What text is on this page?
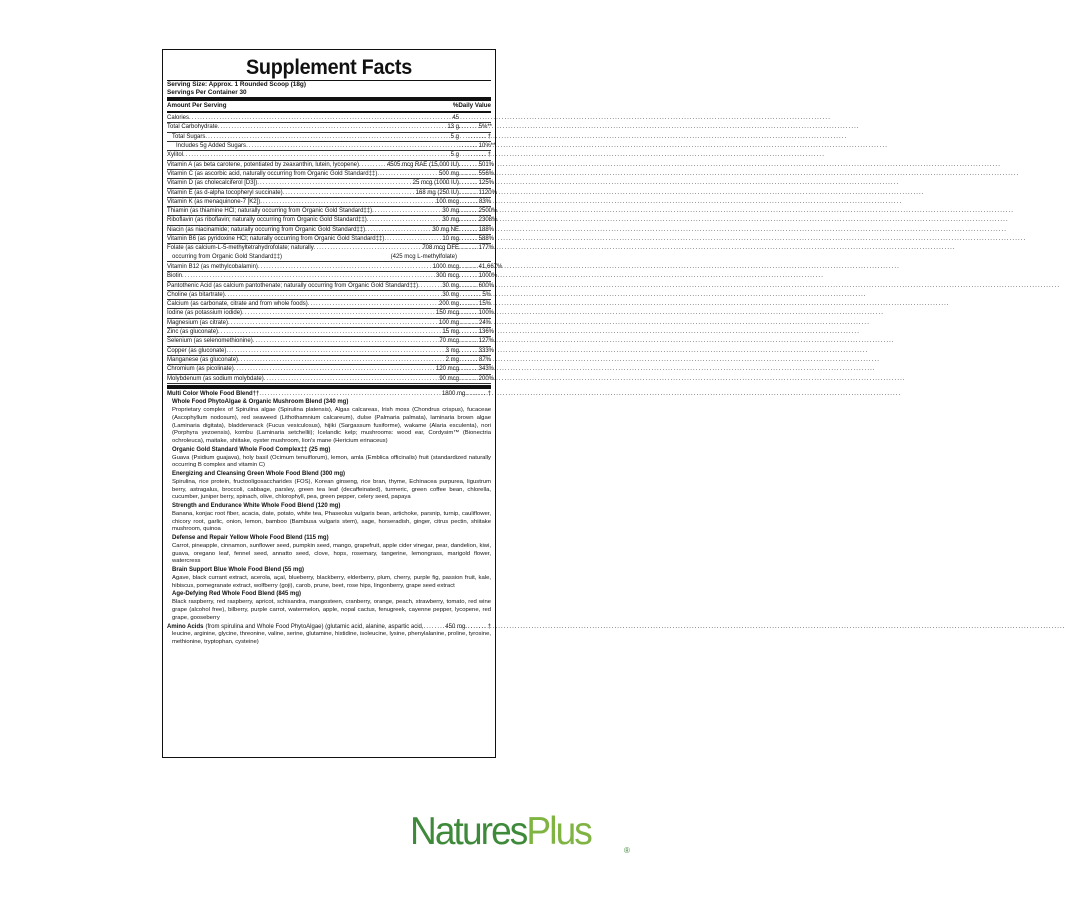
Supplement Facts
Serving Size: Approx. 1 Rounded Scoop (18g)
Servings Per Container 30
Amount Per Serving	%Daily Value
Calories .....	45
Total Carbohydrate .....	13 g	....... 5%**
Total Sugars .....	5 g	....... †
Includes 5g Added Sugars .....	....... 10%**
Xylitol .....	5 g	....... †
Vitamin A (as beta carotene, potentiated by zeaxanthin, lutein, lycopene) .....	4505 mcg RAE (15,000 IU)	....... 501%
Vitamin C (as ascorbic acid, naturally occurring from Organic Gold Standard‡‡) .....	500 mg	....... 556%
Vitamin D (as cholecalciferol [D3]) .....	25 mcg (1000 IU)	....... 125%
Vitamin E (as d-alpha tocopheryl succinate) .....	168 mg (250 IU)	....... 1120%
Vitamin K (as menaquinone-7 [K2]) .....	100 mcg	....... 83%
Thiamin (as thiamine HCl; naturally occurring from Organic Gold Standard‡‡) .....	30 mg	....... 2500%
Riboflavin (as riboflavin; naturally occurring from Organic Gold Standard‡‡) .....	30 mg	....... 2308%
Niacin (as niacinamide; naturally occurring from Organic Gold Standard‡‡) .....	30 mg NE	....... 188%
Vitamin B6 (as pyridoxine HCl; naturally occurring from Organic Gold Standard‡‡) .....	10 mg	....... 588%
Folate (as calcium-L-5-methyltetrahydrofolate; naturally .....	708 mcg DFE	....... 177%
occurring from Organic Gold Standard‡‡)	(425 mcg L-methylfolate)
Vitamin B12 (as methylcobalamin) .....	1000 mcg	....... 41,667%
Biotin .....	300 mcg	....... 1000%
Pantothenic Acid (as calcium pantothenate; naturally occurring from Organic Gold Standard‡‡) .....	30 mg	....... 600%
Choline (as bitartrate) .....	30 mg	....... 5%
Calcium (as carbonate, citrate and from whole foods) .....	200 mg	....... 15%
Iodine (as potassium iodide) .....	150 mcg	....... 100%
Magnesium (as citrate) .....	100 mg	....... 24%
Zinc (as gluconate) .....	15 mg	....... 136%
Selenium (as selenomethionine) .....	70 mcg	....... 127%
Copper (as gluconate) .....	3 mg	....... 333%
Manganese (as gluconate) .....	2 mg	....... 87%
Chromium (as picolinate) .....	120 mcg	....... 343%
Molybdenum (as sodium molybdate) .....	90 mcg	....... 200%
Multi Color Whole Food Blend†† .....	1800 mg	........ †
Whole Food PhytoAlgae & Organic Mushroom Blend (340 mg)
Proprietary complex of Spirulina algae (Spirulina platensis), Algas calcareas, Irish moss (Chondrus crispus), fucaceae (Ascophyllum nodosum), red seaweed (Lithothamnium calcareum), dulse (Palmaria palmata), laminaria brown algae (Laminaria digitata), bladderwrack (Fucus vesiculosus), hijiki (Sargassum fusiforme), wakame (Alaria esculenta), nori (Porphyra yezoensis), kombu (Laminaria setchellii); Icelandic kelp; mushrooms: wood ear, Cordysim™ (Bionectria ochroleuca), maitake, shiitake, oyster mushroom, lion's mane (Hericium erinaceus)
Organic Gold Standard Whole Food Complex‡‡ (25 mg)
Guava (Psidium guajava), holy basil (Ocimum tenuiflorum), lemon, amla (Emblica officinalis) fruit (standardized naturally occurring B complex and vitamin C)
Energizing and Cleansing Green Whole Food Blend (300 mg)
Spirulina, rice protein, fructooligosaccharides (FOS), Korean ginseng, rice bran, thyme, Echinacea purpurea, ligustrum berry, astragalus, broccoli, cabbage, parsley, green tea leaf (decaffeinated), turmeric, green coffee bean, chlorella, cucumber, juniper berry, spinach, olive, chlorophyll, pea, green pepper, celery seed, papaya
Strength and Endurance White Whole Food Blend (120 mg)
Banana, konjac root fiber, acacia, date, potato, white tea, Phaseolus vulgaris bean, artichoke, parsnip, turnip, cauliflower, chicory root, garlic, onion, lemon, bamboo (Bambusa vulgaris stem), sage, horseradish, ginger, citrus pectin, shiitake mushroom, quinoa
Defense and Repair Yellow Whole Food Blend (115 mg)
Carrot, pineapple, cinnamon, sunflower seed, pumpkin seed, mango, grapefruit, apple cider vinegar, pear, dandelion, kiwi, guava, oregano leaf, fennel seed, annatto seed, clove, hops, rosemary, tangerine, lemongrass, marigold flower, watercress
Brain Support Blue Whole Food Blend (55 mg)
Agave, black currant extract, acerola, açaí, blueberry, blackberry, elderberry, plum, cherry, purple fig, passion fruit, kale, hibiscus, pomegranate extract, wolfberry (goji), carob, prune, beet, rose hips, lingonberry, grape seed extract
Age-Defying Red Whole Food Blend (845 mg)
Black raspberry, red raspberry, apricot, schisandra, mangosteen, cranberry, orange, peach, strawberry, tomato, red wine grape (alcohol free), bilberry, purple carrot, watermelon, apple, nopal cactus, fenugreek, cayenne pepper, lycopene, red grape, gooseberry
Amino Acids (from spirulina and Whole Food PhytoAlgae) (glutamic acid, alanine, aspartic acid, .....	450 mg	........ †
leucine, arginine, glycine, threonine, valine, serine, glutamine, histidine, isoleucine, lysine, phenylalanine, proline, tyrosine, methionine, tryptophan, cysteine)
NaturesPlus	®
